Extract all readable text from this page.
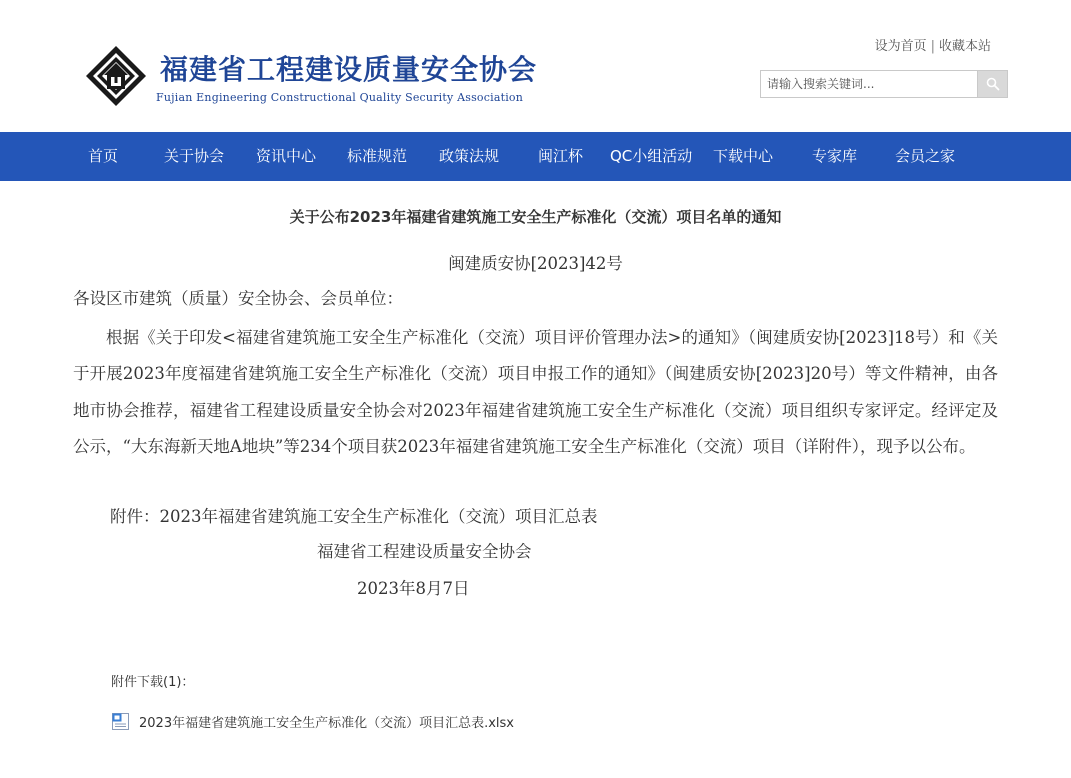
福建省工程建设质量安全协会
Fujian Engineering Constructional Quality Security Association
设为首页 | 收藏本站
请输入搜索关键词...
首页	关于协会 资讯中心 标准规范 政策法规	闽江杯 QC小组活动 下载中心	专家库	会员之家
关于公布2023年福建省建筑施工安全生产标准化（交流）项目名单的通知
闽建质安协[2023]42号
各设区市建筑（质量）安全协会、会员单位：
根据《关于印发<福建省建筑施工安全生产标准化（交流）项目评价管理办法>的通知》（闽建质安协[2023]18号）和《关于开展2023年度福建省建筑施工安全生产标准化（交流）项目申报工作的通知》（闽建质安协[2023]20号）等文件精神，由各地市协会推荐，福建省工程建设质量安全协会对2023年福建省建筑施工安全生产标准化（交流）项目组织专家评定。经评定及公示，“大东海新天地A地块”等234个项目获2023年福建省建筑施工安全生产标准化（交流）项目（详附件），现予以公布。
附件：2023年福建省建筑施工安全生产标准化（交流）项目汇总表
福建省工程建设质量安全协会
2023年8月7日
附件下载(1)：
2023年福建省建筑施工安全生产标准化（交流）项目汇总表.xlsx
